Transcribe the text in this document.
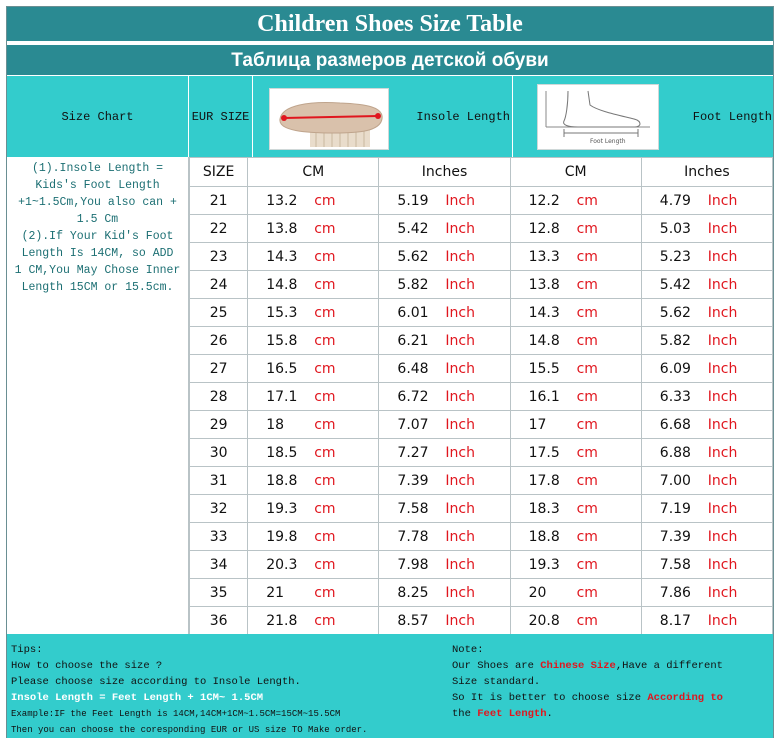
Children Shoes Size Table
Таблица размеров детской обуви
Size Chart	EUR SIZE	Insole Length	Foot Length
Foot Length

(1).Insole Length =

Kids's Foot Length

+1~1.5Cm,You also can +

1.5 Cm

(2).If Your Kid's Foot

Length Is 14CM, so ADD

1 CM,You May Chose Inner

Length 15CM or 15.5cm.

SIZE	CM	Inches	CM	Inches
21	13.2 cm	5.19 Inch	12.2 cm	4.79 Inch
22	13.8 cm	5.42 Inch	12.8 cm	5.03 Inch
23	14.3 cm	5.62 Inch	13.3 cm	5.23 Inch
24	14.8 cm	5.82 Inch	13.8 cm	5.42 Inch
25	15.3 cm	6.01 Inch	14.3 cm	5.62 Inch
26	15.8 cm	6.21 Inch	14.8 cm	5.82 Inch
27	16.5 cm	6.48 Inch	15.5 cm	6.09 Inch
28	17.1 cm	6.72 Inch	16.1 cm	6.33 Inch
29	18 cm	7.07 Inch	17 cm	6.68 Inch
30	18.5 cm	7.27 Inch	17.5 cm	6.88 Inch
31	18.8 cm	7.39 Inch	17.8 cm	7.00 Inch
32	19.3 cm	7.58 Inch	18.3 cm	7.19 Inch
33	19.8 cm	7.78 Inch	18.8 cm	7.39 Inch
34	20.3 cm	7.98 Inch	19.3 cm	7.58 Inch
35	21 cm	8.25 Inch	20 cm	7.86 Inch
36	21.8 cm	8.57 Inch	20.8 cm	8.17 Inch

Tips:

How to choose the size ?

Please choose size according to Insole Length.

Insole Length = Feet Length + 1CM~ 1.5CM

Example:IF the Feet Length is 14CM,14CM+1CM~1.5CM=15CM~15.5CM

Then you can choose the coresponding EUR or US size TO Make order.

Note:

Our Shoes are Chinese Size,Have a different

Size standard.

So It is better to choose size According to

the Feet Length.
